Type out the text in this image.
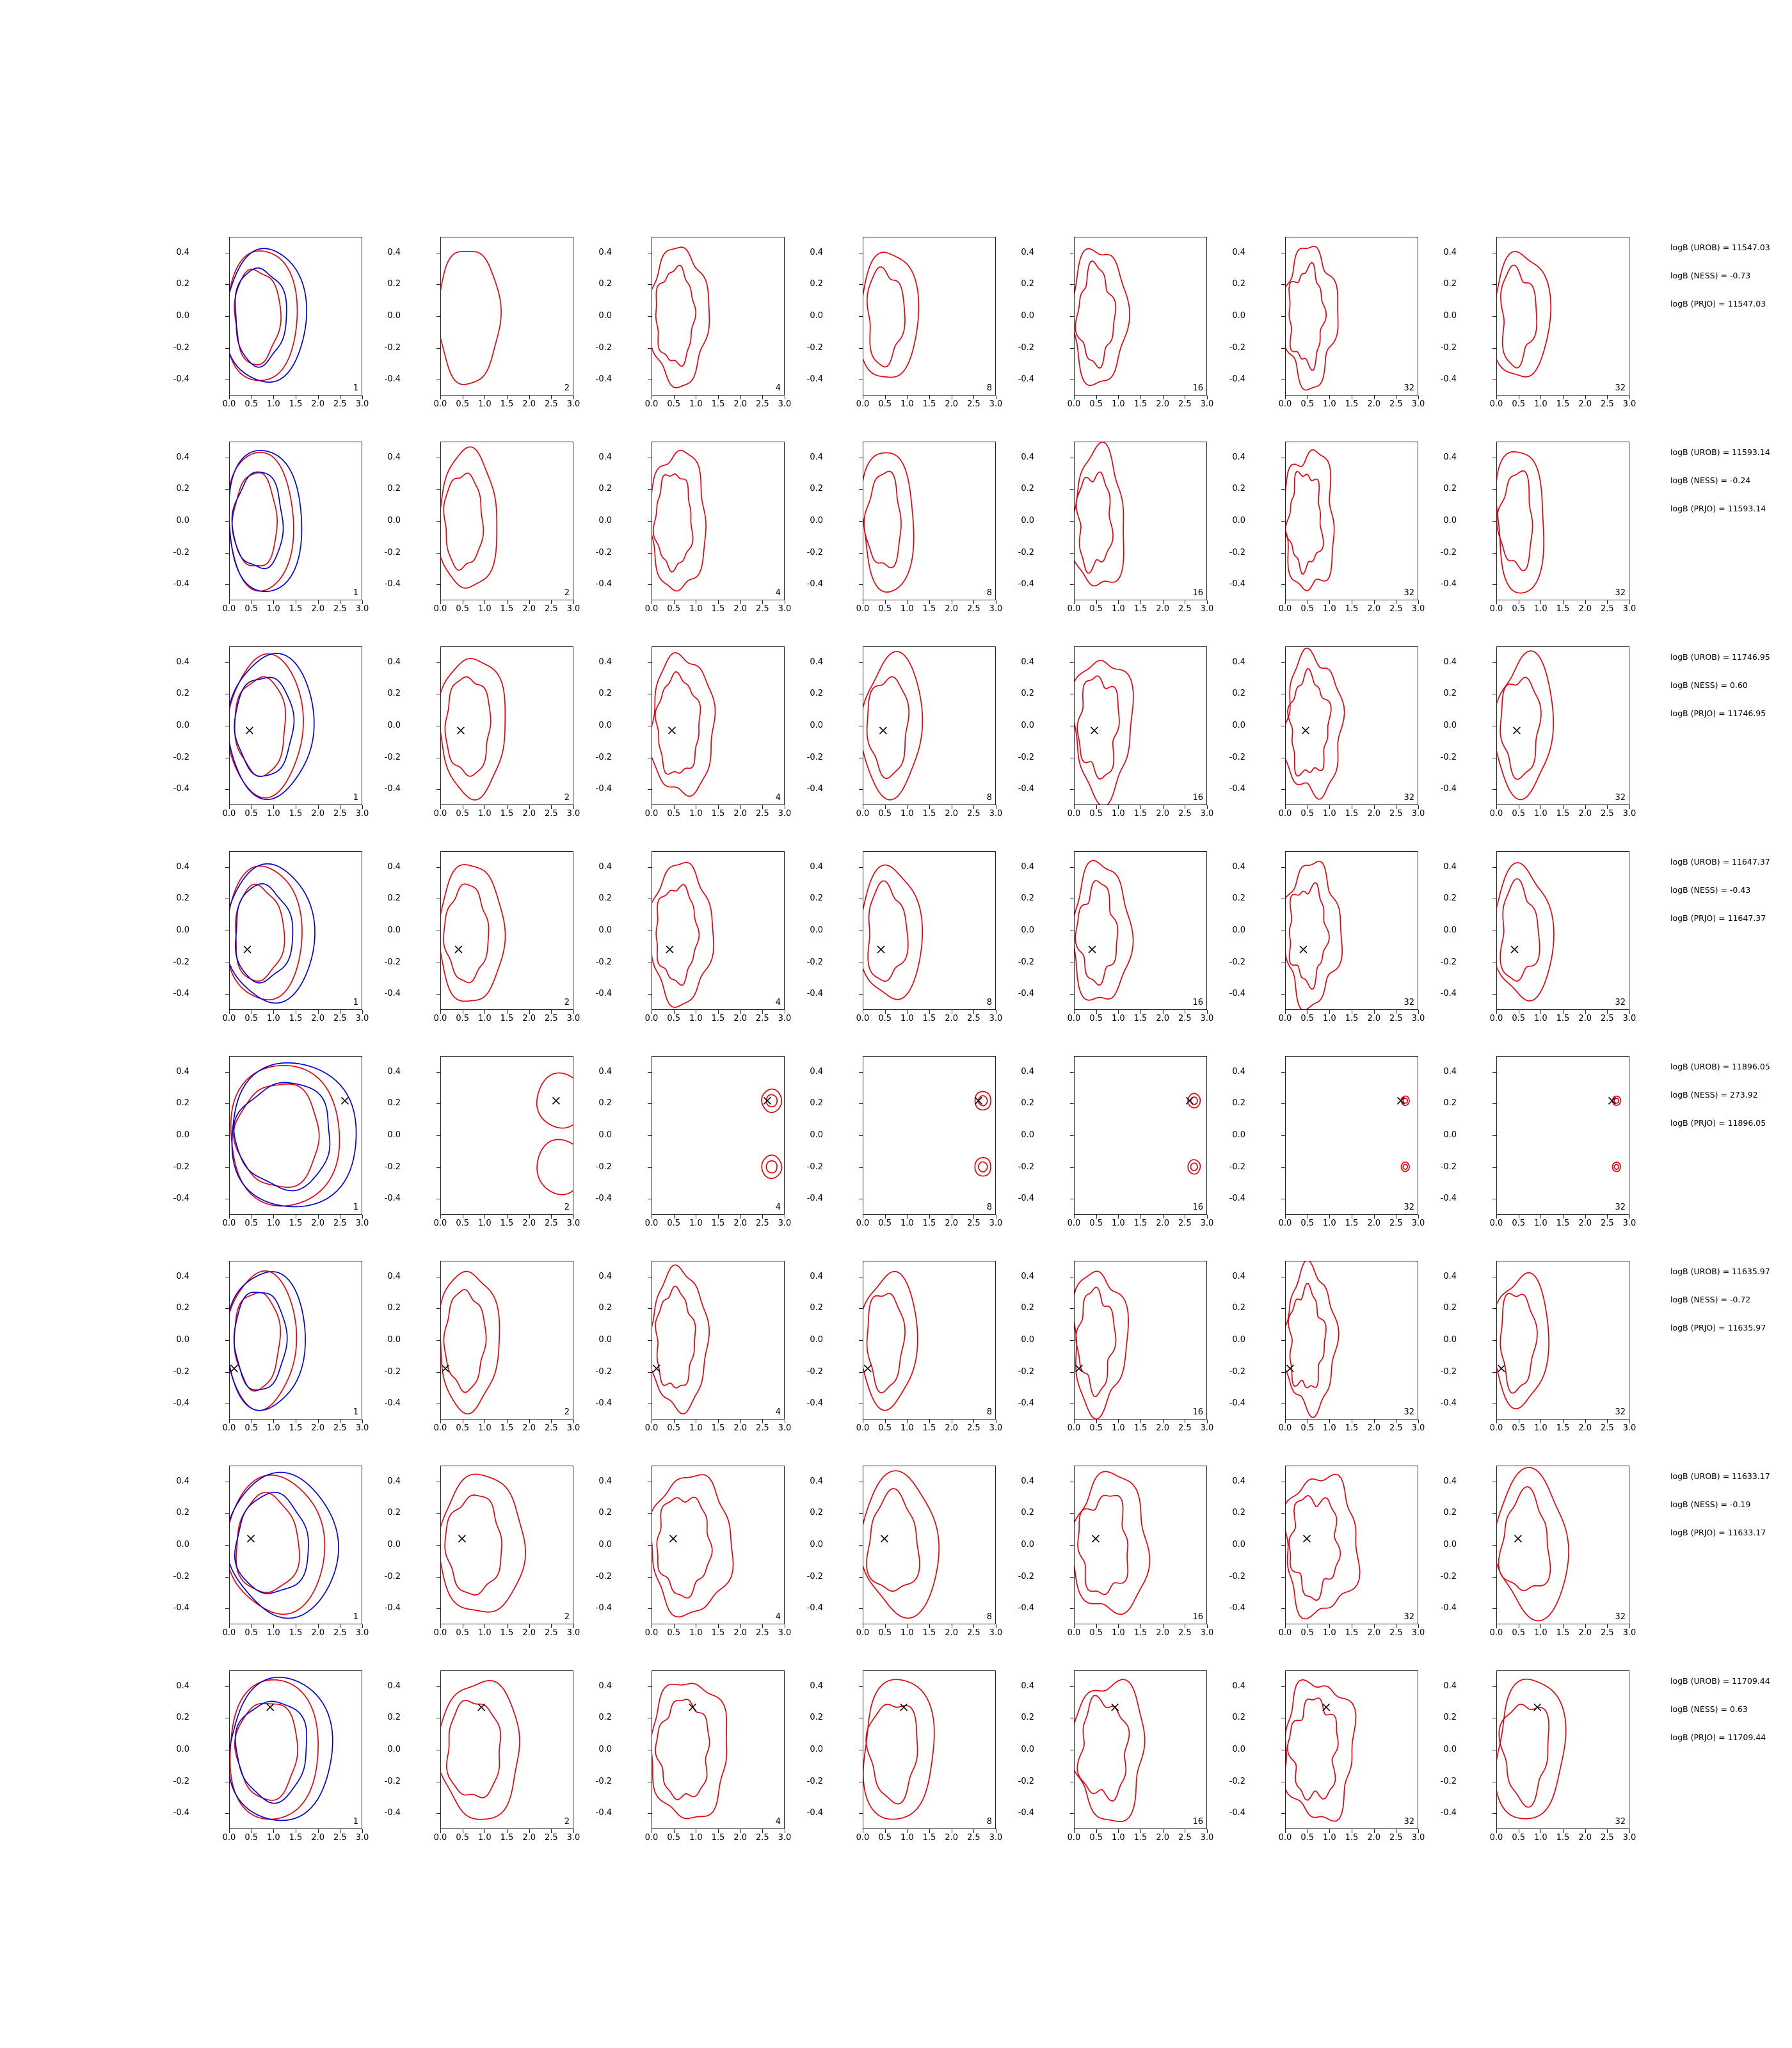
-0.4
-0.2
0.0
0.2
0.4
0.0	0.5	1.0	1.5	2.0	2.5	3.0
1
-0.4
-0.2
0.0
0.2
0.4
0.0	0.5	1.0	1.5	2.0	2.5	3.0
2
-0.4
-0.2
0.0
0.2
0.4
0.0	0.5	1.0	1.5	2.0	2.5	3.0
4
-0.4
-0.2
0.0
0.2
0.4
0.0	0.5	1.0	1.5	2.0	2.5	3.0
8
-0.4
-0.2
0.0
0.2
0.4
0.0	0.5	1.0	1.5	2.0	2.5	3.0
16
-0.4
-0.2
0.0
0.2
0.4
0.0	0.5	1.0	1.5	2.0	2.5	3.0
32
-0.4
-0.2
0.0
0.2
0.4
0.0	0.5	1.0	1.5	2.0	2.5	3.0
32
logB (UROB) = 11547.03
logB (NESS) = -0.73
logB (PRJO) = 11547.03
-0.4
-0.2
0.0
0.2
0.4
0.0	0.5	1.0	1.5	2.0	2.5	3.0
1
-0.4
-0.2
0.0
0.2
0.4
0.0	0.5	1.0	1.5	2.0	2.5	3.0
2
-0.4
-0.2
0.0
0.2
0.4
0.0	0.5	1.0	1.5	2.0	2.5	3.0
4
-0.4
-0.2
0.0
0.2
0.4
0.0	0.5	1.0	1.5	2.0	2.5	3.0
8
-0.4
-0.2
0.0
0.2
0.4
0.0	0.5	1.0	1.5	2.0	2.5	3.0
16
-0.4
-0.2
0.0
0.2
0.4
0.0	0.5	1.0	1.5	2.0	2.5	3.0
32
-0.4
-0.2
0.0
0.2
0.4
0.0	0.5	1.0	1.5	2.0	2.5	3.0
32
logB (UROB) = 11593.14
logB (NESS) = -0.24
logB (PRJO) = 11593.14
-0.4
-0.2
0.0
0.2
0.4
0.0	0.5	1.0	1.5	2.0	2.5	3.0
1
-0.4
-0.2
0.0
0.2
0.4
0.0	0.5	1.0	1.5	2.0	2.5	3.0
2
-0.4
-0.2
0.0
0.2
0.4
0.0	0.5	1.0	1.5	2.0	2.5	3.0
4
-0.4
-0.2
0.0
0.2
0.4
0.0	0.5	1.0	1.5	2.0	2.5	3.0
8
-0.4
-0.2
0.0
0.2
0.4
0.0	0.5	1.0	1.5	2.0	2.5	3.0
16
-0.4
-0.2
0.0
0.2
0.4
0.0	0.5	1.0	1.5	2.0	2.5	3.0
32
-0.4
-0.2
0.0
0.2
0.4
0.0	0.5	1.0	1.5	2.0	2.5	3.0
32
logB (UROB) = 11746.95
logB (NESS) = 0.60
logB (PRJO) = 11746.95
-0.4
-0.2
0.0
0.2
0.4
0.0	0.5	1.0	1.5	2.0	2.5	3.0
1
-0.4
-0.2
0.0
0.2
0.4
0.0	0.5	1.0	1.5	2.0	2.5	3.0
2
-0.4
-0.2
0.0
0.2
0.4
0.0	0.5	1.0	1.5	2.0	2.5	3.0
4
-0.4
-0.2
0.0
0.2
0.4
0.0	0.5	1.0	1.5	2.0	2.5	3.0
8
-0.4
-0.2
0.0
0.2
0.4
0.0	0.5	1.0	1.5	2.0	2.5	3.0
16
-0.4
-0.2
0.0
0.2
0.4
0.0	0.5	1.0	1.5	2.0	2.5	3.0
32
-0.4
-0.2
0.0
0.2
0.4
0.0	0.5	1.0	1.5	2.0	2.5	3.0
32
logB (UROB) = 11647.37
logB (NESS) = -0.43
logB (PRJO) = 11647.37
-0.4
-0.2
0.0
0.2
0.4
0.0	0.5	1.0	1.5	2.0	2.5	3.0
1
-0.4
-0.2
0.0
0.2
0.4
0.0	0.5	1.0	1.5	2.0	2.5	3.0
2
-0.4
-0.2
0.0
0.2
0.4
0.0	0.5	1.0	1.5	2.0	2.5	3.0
4
-0.4
-0.2
0.0
0.2
0.4
0.0	0.5	1.0	1.5	2.0	2.5	3.0
8
-0.4
-0.2
0.0
0.2
0.4
0.0	0.5	1.0	1.5	2.0	2.5	3.0
16
-0.4
-0.2
0.0
0.2
0.4
0.0	0.5	1.0	1.5	2.0	2.5	3.0
32
-0.4
-0.2
0.0
0.2
0.4
0.0	0.5	1.0	1.5	2.0	2.5	3.0
32
logB (UROB) = 11896.05
logB (NESS) = 273.92
logB (PRJO) = 11896.05
-0.4
-0.2
0.0
0.2
0.4
0.0	0.5	1.0	1.5	2.0	2.5	3.0
1
-0.4
-0.2
0.0
0.2
0.4
0.0	0.5	1.0	1.5	2.0	2.5	3.0
2
-0.4
-0.2
0.0
0.2
0.4
0.0	0.5	1.0	1.5	2.0	2.5	3.0
4
-0.4
-0.2
0.0
0.2
0.4
0.0	0.5	1.0	1.5	2.0	2.5	3.0
8
-0.4
-0.2
0.0
0.2
0.4
0.0	0.5	1.0	1.5	2.0	2.5	3.0
16
-0.4
-0.2
0.0
0.2
0.4
0.0	0.5	1.0	1.5	2.0	2.5	3.0
32
-0.4
-0.2
0.0
0.2
0.4
0.0	0.5	1.0	1.5	2.0	2.5	3.0
32
logB (UROB) = 11635.97
logB (NESS) = -0.72
logB (PRJO) = 11635.97
-0.4
-0.2
0.0
0.2
0.4
0.0	0.5	1.0	1.5	2.0	2.5	3.0
1
-0.4
-0.2
0.0
0.2
0.4
0.0	0.5	1.0	1.5	2.0	2.5	3.0
2
-0.4
-0.2
0.0
0.2
0.4
0.0	0.5	1.0	1.5	2.0	2.5	3.0
4
-0.4
-0.2
0.0
0.2
0.4
0.0	0.5	1.0	1.5	2.0	2.5	3.0
8
-0.4
-0.2
0.0
0.2
0.4
0.0	0.5	1.0	1.5	2.0	2.5	3.0
16
-0.4
-0.2
0.0
0.2
0.4
0.0	0.5	1.0	1.5	2.0	2.5	3.0
32
-0.4
-0.2
0.0
0.2
0.4
0.0	0.5	1.0	1.5	2.0	2.5	3.0
32
logB (UROB) = 11633.17
logB (NESS) = -0.19
logB (PRJO) = 11633.17
-0.4
-0.2
0.0
0.2
0.4
0.0	0.5	1.0	1.5	2.0	2.5	3.0
1
-0.4
-0.2
0.0
0.2
0.4
0.0	0.5	1.0	1.5	2.0	2.5	3.0
2
-0.4
-0.2
0.0
0.2
0.4
0.0	0.5	1.0	1.5	2.0	2.5	3.0
4
-0.4
-0.2
0.0
0.2
0.4
0.0	0.5	1.0	1.5	2.0	2.5	3.0
8
-0.4
-0.2
0.0
0.2
0.4
0.0	0.5	1.0	1.5	2.0	2.5	3.0
16
-0.4
-0.2
0.0
0.2
0.4
0.0	0.5	1.0	1.5	2.0	2.5	3.0
32
-0.4
-0.2
0.0
0.2
0.4
0.0	0.5	1.0	1.5	2.0	2.5	3.0
32
logB (UROB) = 11709.44
logB (NESS) = 0.63
logB (PRJO) = 11709.44
